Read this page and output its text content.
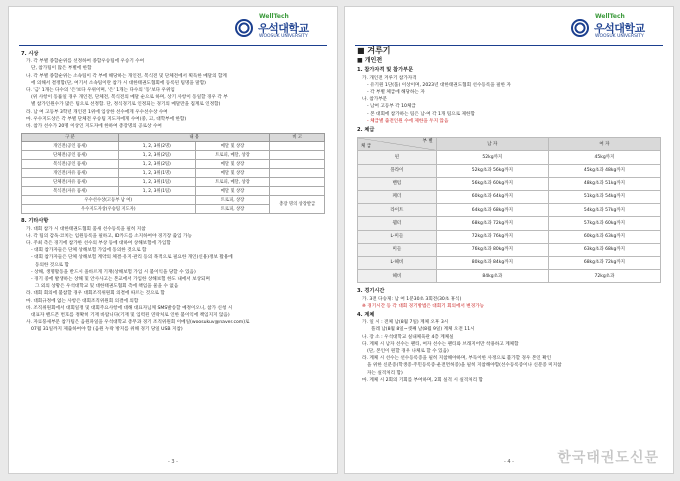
WellTech
우석대학교
WOOSUK UNIVERSITY
7. 시상
가. 각 부별 종합순위를 선정하여 종합우승팀에 우승기 수여
단, 참가팀이 많은 부별에 한함
나. 각 부별 종합순위는 소속팀이 각 부에 해당하는 개인전, 복식전 및 단체전에서 획득한 메달의 합계
에 의해서 결정함(단, 여기서 소속팀이란 참가 시 대한태권도협회에 등록된 팀명을 말함)
다. '금' 1개는 다수의 '은'보다 우위이며, '은' 1개는 다수의 '동'보다 우위임
(위 사항이 동률일 경우 개인전, 단체전, 복식전의 메달 순으로 하며, 상기 사항이 동일할 경우 각 부
별 참가인원수가 많은 팀으로 선정함. 단, 정식경기로 인정되는 경기의 메달만을 집계로 인정함)
라. 남 여 고등부 3학년 개인전 1위에 입상한 선수에게 우수선수상 수여
마. 우수지도상은 각 부별 단체전 우승팀 지도자에게 수여(중, 고, 대학부에 한함)
바. 참가 선수가 20명 이상인 지도자에 한하여 총장명의 공로상 수여
구 분	내 용		비 고
개인전(공인 품새)	1, 2, 3위(2명)	메달 및 상장	
단체전(공인 품새)	1, 2, 3위(2팀)	트로피, 메달, 상장	
복식전(공인 품새)	1, 2, 3위(2팀)	메달 및 상장	
개인전(자유 품새)	1, 2, 3위(1명)	메달 및 상장	
단체전(자유 품새)	1, 2, 3위(1팀)	트로피, 메달, 상장	
복식전(자유 품새)	1, 2, 3위(1팀)	메달 및 상장	
우수선수상(고등부 남 여)		트로피, 상장	총장 명의 상장발급
우수지도자상(우승팀 지도자)		트로피, 상장	
8. 기타사항
가. 대회 참가 시 대한태권도협회 품새 선수등록을 필히 지참
나. 각 팀의 감독·코치는 임원등록을 필하고, ID카드를 소지하여야 경기장 출입 가능
다. 주최 측은 경기에 참가한 선수의 부상 등에 대하여 상해보험에 가입함
- 대회 참가자들은 단체 상해보험 가입에 동의한 것으로 함
- 대회 참가자들은 단체 상해보험 계약의 체결·유지·관리 등의 목적으로 필요한 개인(신용)정보 활용에
동의한 것으로 함
- 상해, 생명활동을 반드시 올바르게 기재(상해보험 가입 시 불이익을 당할 수 있음)
- 경기 중에 발생하는 상해 및 안사사고는 본교에서 가입한 상해보험 한도 내에서 보상되며
그 외의 상황은 우석대학교 및 대한태권도협회 측에 책임을 물을 수 없음
라. 대회 회의에 불참할 경우 대회조직위원회 의결에 따르는 것으로 함
마. 대회규정에 없는 사항은 대회조직위원회 의결에 의함
바. 조직위원회에서 대회일정 및 대회주요사항에 대해 대표자님께 SMS발송할 예정이오니, 참가 신청 시
대표자 핸드폰 번호를 정확히 기재 바랍니다(기재 및 입력된 연락처로 인한 불이익에 책임지지 않음)
사. 자료풍새부문 참가팀은 음원파일을 우석대학교 총무과 경기 조직위원회 이메일(woosukuv@naver.com)로
07월 31일까지 제출하여야 함 (음원 누락 방지를 위해 경기 당일 USB 지참)
- 3 -
WellTech
우석대학교
WOOSUK UNIVERSITY
■ 겨루기
■ 개인전
1. 참가자격 및 참가부문
가. 개인전 겨루기 참가자격
- 유기원 1단(품) 이상이며, 2023년 대한태권도협회 선수등록을 필한 자
- 각 부별 체급에 해당하는 자
나. 참가부문
- 남여 고등부 각 10체급
- 본 대회에 참가하는 팀은 남·여 각 1개 팀으로 제한함
- 체급별 출전인원 수에 제한을 두지 않음
2. 체급
부 별
체 급	남 자	여 자
핀	52kg까지	45kg까지
플라이	52kg초과 56kg까지	45kg초과 48kg까지
밴텀	56kg초과 60kg까지	48kg초과 51kg까지
페더	60kg초과 64kg까지	51kg초과 54kg까지
라이트	64kg초과 68kg까지	54kg초과 57kg까지
웰터	68kg초과 72kg까지	57kg초과 60kg까지
L-미들	72kg초과 76kg까지	60kg초과 63kg까지
미들	76kg초과 80kg까지	63kg초과 68kg까지
L-헤비	80kg초과 84kg까지	68kg초과 72kg까지
헤비	84kg초과	72kg초과
3. 경기시간
가. 3전 다승제: 남 여 1분30초 3회전(30초 휴식)
※ 경기시간 등 각 대회 경기방법은 대회기 회의에서 변경가능
4. 계체
가. 일 시 : 전체 남(8월 7일) 계체 오후 3시
플레 남(8월 8일~셋째 날(8월 9일) 계체 오전 11시
나. 장 소 : 우석대학교 실내체육관 4층 계체실
다. 계체 시 남자 선수는 팬티, 여자 선수는 팬티와 브래지어만 착용하고 계체함
(단, 본인이 원할 경우 나체로 할 수 있음)
라. 계체 시 선수는 선수등록증을 필히 지참해야하며, 부득이한 사정으로 불가할 경우 본인 확인
을 위한 신분증(학생증·주민등록증·운전면허증)을 필히 지참해야함(선수등록증이나 신분증 미지참
자는 실격처리 함)
마. 계체 시 2회의 기회를 부여하며, 2회 실격 시 실격처리 함
- 4 -	한국태권도신문
